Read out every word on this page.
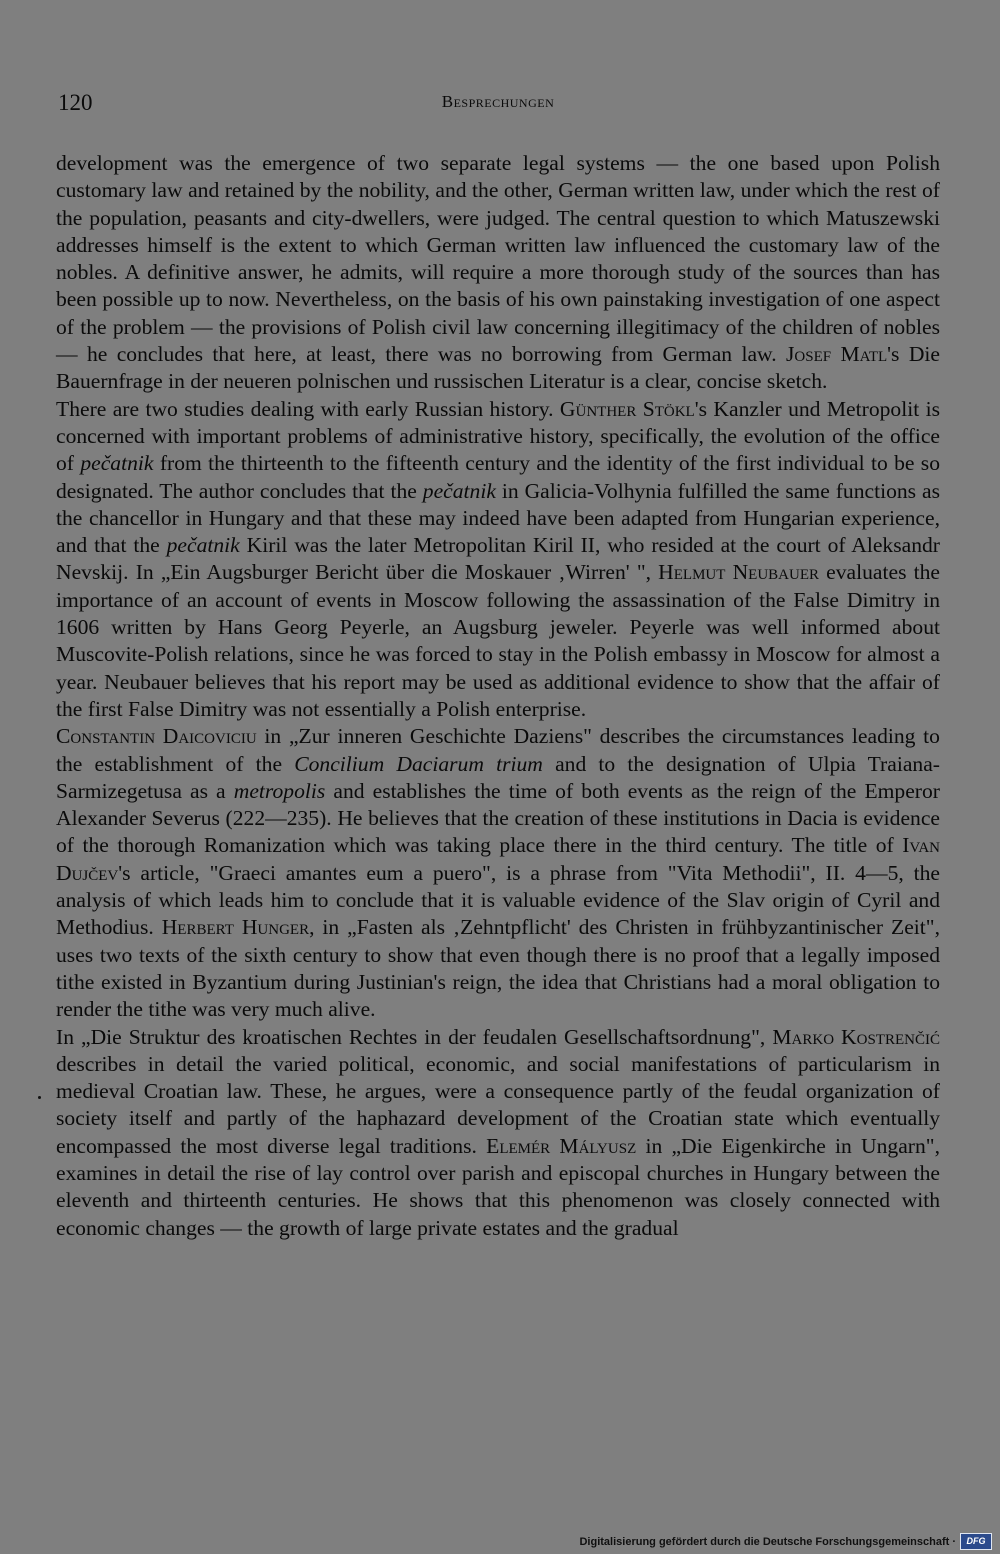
120	Besprechungen

development was the emergence of two separate legal systems — the one based upon Polish customary law and retained by the nobility, and the other, German written law, under which the rest of the population, peasants and city-dwellers, were judged. The central question to which Matuszewski addresses himself is the extent to which German written law influenced the customary law of the nobles. A definitive answer, he admits, will require a more thorough study of the sources than has been possible up to now. Nevertheless, on the basis of his own painstaking investigation of one aspect of the problem — the provisions of Polish civil law concerning illegitimacy of the children of nobles — he concludes that here, at least, there was no borrowing from German law. Josef Matl's Die Bauernfrage in der neueren polnischen und russischen Literatur is a clear, concise sketch.

There are two studies dealing with early Russian history. Günther Stökl's Kanzler und Metropolit is concerned with important problems of administrative history, specifically, the evolution of the office of pečatnik from the thirteenth to the fifteenth century and the identity of the first individual to be so designated. The author concludes that the pečatnik in Galicia-Volhynia fulfilled the same functions as the chancellor in Hungary and that these may indeed have been adapted from Hungarian experience, and that the pečatnik Kiril was the later Metropolitan Kiril II, who resided at the court of Aleksandr Nevskij. In „Ein Augsburger Bericht über die Moskauer ‚Wirren' ", Helmut Neubauer evaluates the importance of an account of events in Moscow following the assassination of the False Dimitry in 1606 written by Hans Georg Peyerle, an Augsburg jeweler. Peyerle was well informed about Muscovite-Polish relations, since he was forced to stay in the Polish embassy in Moscow for almost a year. Neubauer believes that his report may be used as additional evidence to show that the affair of the first False Dimitry was not essentially a Polish enterprise.

Constantin Daicoviciu in „Zur inneren Geschichte Daziens" describes the circumstances leading to the establishment of the Concilium Daciarum trium and to the designation of Ulpia Traiana-Sarmizegetusa as a metropolis and establishes the time of both events as the reign of the Emperor Alexander Severus (222—235). He believes that the creation of these institutions in Dacia is evidence of the thorough Romanization which was taking place there in the third century. The title of Ivan Dujčev's article, "Graeci amantes eum a puero", is a phrase from "Vita Methodii", II. 4—5, the analysis of which leads him to conclude that it is valuable evidence of the Slav origin of Cyril and Methodius. Herbert Hunger, in „Fasten als ‚Zehntpflicht' des Christen in frühbyzantinischer Zeit", uses two texts of the sixth century to show that even though there is no proof that a legally imposed tithe existed in Byzantium during Justinian's reign, the idea that Christians had a moral obligation to render the tithe was very much alive.

In „Die Struktur des kroatischen Rechtes in der feudalen Gesellschaftsordnung", Marko Kostrenčić describes in detail the varied political, economic, and social manifestations of particularism in medieval Croatian law. These, he argues, were a consequence partly of the feudal organization of society itself and partly of the haphazard development of the Croatian state which eventually encompassed the most diverse legal traditions. Elemér Mályusz in „Die Eigenkirche in Ungarn", examines in detail the rise of lay control over parish and episcopal churches in Hungary between the eleventh and thirteenth centuries. He shows that this phenomenon was closely connected with economic changes — the growth of large private estates and the gradual

Digitalisierung gefördert durch die Deutsche Forschungsgemeinschaft ·	DFG
